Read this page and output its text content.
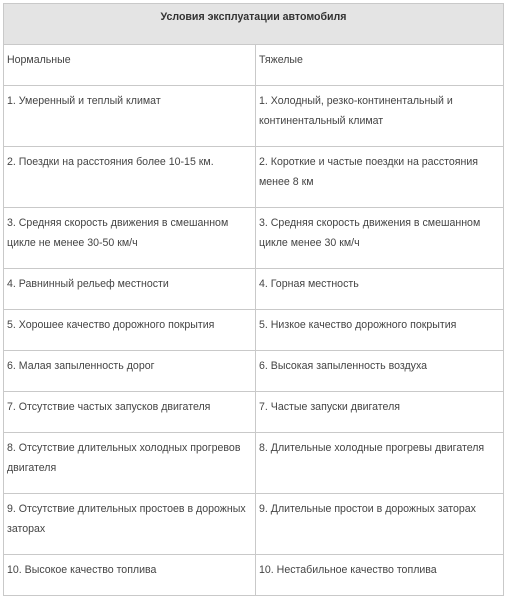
Условия эксплуатации автомобиля	
Нормальные	Тяжелые
1. Умеренный и теплый климат	1. Холодный, резко-континентальный и континентальный климат
2. Поездки на расстояния более 10-15 км.	2. Короткие и частые поездки на расстояния менее 8 км
3. Средняя скорость движения в смешанном цикле не менее 30-50 км/ч	3. Средняя скорость движения в смешанном цикле менее 30 км/ч
4. Равнинный рельеф местности	4. Горная местность
5. Хорошее качество дорожного покрытия	5. Низкое качество дорожного покрытия
6. Малая запыленность дорог	6. Высокая запыленность воздуха
7. Отсутствие частых запусков двигателя	7. Частые запуски двигателя
8. Отсутствие длительных холодных прогревов двигателя	8. Длительные холодные прогревы двигателя
9. Отсутствие длительных простоев в дорожных заторах	9. Длительные простои в дорожных заторах
10. Высокое качество топлива	10. Нестабильное качество топлива
